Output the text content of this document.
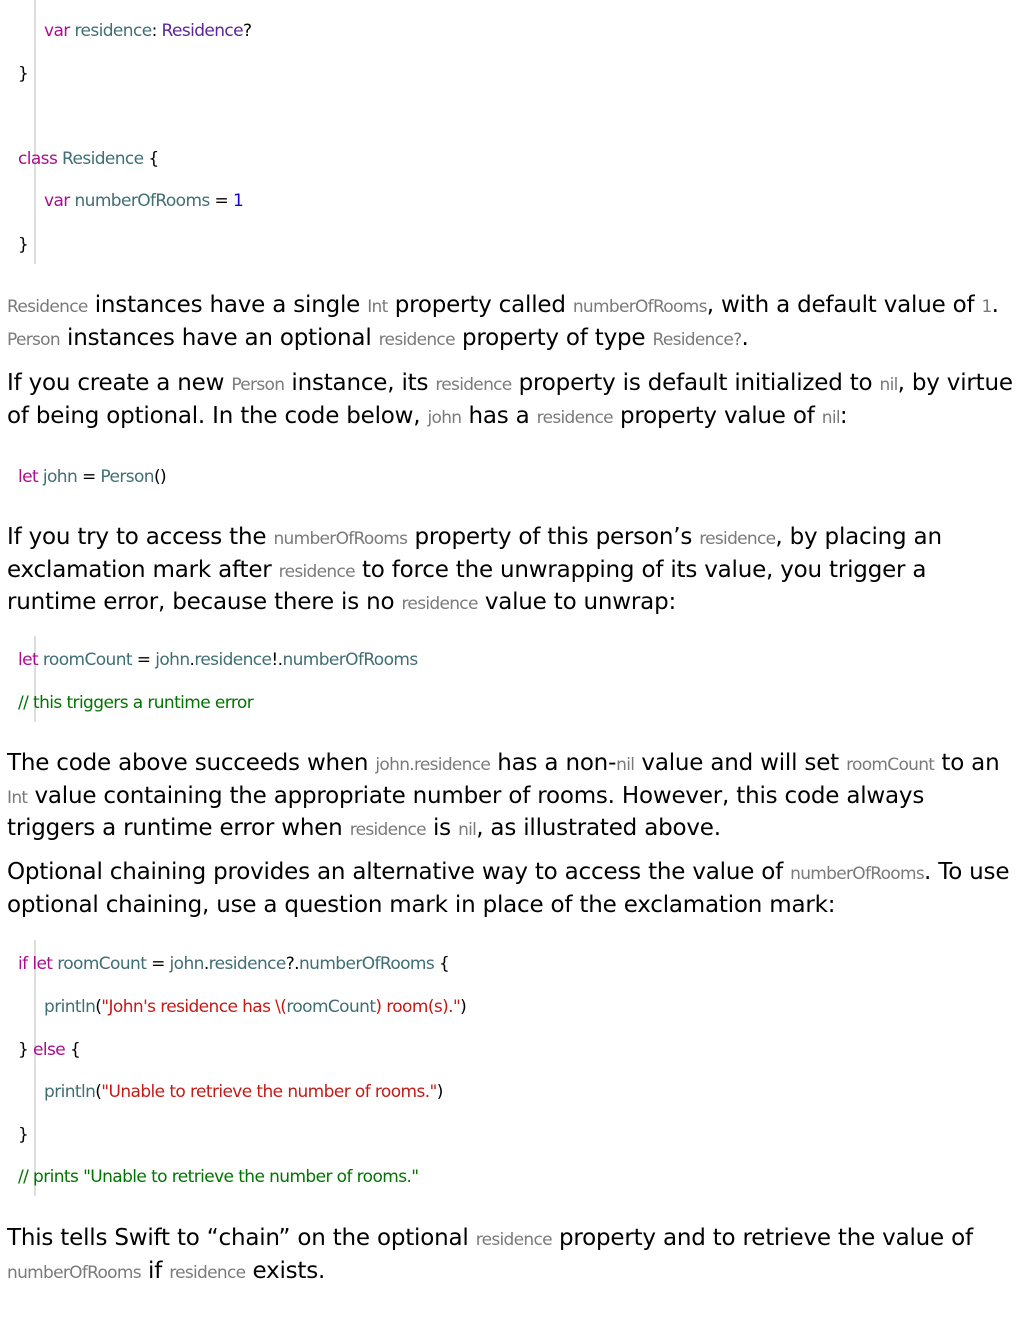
var residence: Residence?
}
class Residence {
var numberOfRooms = 1
}

Residence instances have a single Int property called numberOfRooms, with a default value of 1.
Person instances have an optional residence property of type Residence?.

If you create a new Person instance, its residence property is default initialized to nil, by virtue of being optional. In the code below, john has a residence property value of nil:

let john = Person()

If you try to access the numberOfRooms property of this person’s residence, by placing an exclamation mark after residence to force the unwrapping of its value, you trigger a runtime error, because there is no residence value to unwrap:

let roomCount = john.residence!.numberOfRooms
// this triggers a runtime error

The code above succeeds when john.residence has a non-nil value and will set roomCount to an Int value containing the appropriate number of rooms. However, this code always triggers a runtime error when residence is nil, as illustrated above.

Optional chaining provides an alternative way to access the value of numberOfRooms. To use optional chaining, use a question mark in place of the exclamation mark:

if let roomCount = john.residence?.numberOfRooms {
println("John's residence has \(roomCount) room(s).")
} else {
println("Unable to retrieve the number of rooms.")
}
// prints "Unable to retrieve the number of rooms."

This tells Swift to “chain” on the optional residence property and to retrieve the value of numberOfRooms if residence exists.
